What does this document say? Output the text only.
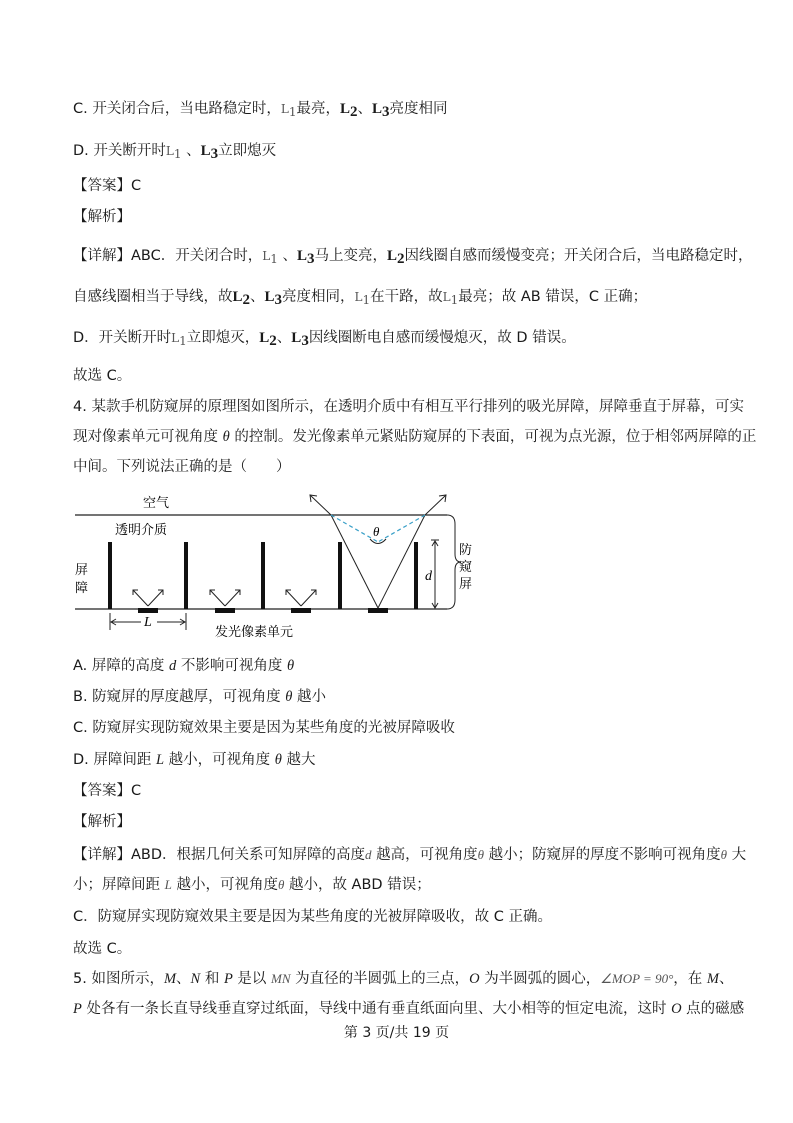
C. 开关闭合后，当电路稳定时，$L_1$最亮，$L_2$、$L_3$亮度相同
D. 开关断开时$L_1$ 、$L_3$立即熄灭
【答案】C
【解析】
【详解】ABC．开关闭合时，$L_1$ 、$L_3$马上变亮，$L_2$因线圈自感而缓慢变亮；开关闭合后，当电路稳定时，
自感线圈相当于导线，故$L_2$、$L_3$亮度相同，$L_1$在干路，故$L_1$最亮；故 AB 错误，C 正确；
D．开关断开时$L_1$立即熄灭，$L_2$、$L_3$因线圈断电自感而缓慢熄灭，故 D 错误。
故选 C。
4. 某款手机防窥屏的原理图如图所示，在透明介质中有相互平行排列的吸光屏障，屏障垂直于屏幕，可实
现对像素单元可视角度 θ 的控制。发光像素单元紧贴防窥屏的下表面，可视为点光源，位于相邻两屏障的正
中间。下列说法正确的是（　　）
θ
d
防
窥
屏
空气
透明介质
屏
障
L
发光像素单元
A. 屏障的高度 d 不影响可视角度 θ
B. 防窥屏的厚度越厚，可视角度 θ 越小
C. 防窥屏实现防窥效果主要是因为某些角度的光被屏障吸收
D. 屏障间距 L 越小，可视角度 θ 越大
【答案】C
【解析】
【详解】ABD．根据几何关系可知屏障的高度d 越高，可视角度θ 越小；防窥屏的厚度不影响可视角度θ 大
小；屏障间距 L 越小，可视角度θ 越小，故 ABD 错误；
C．防窥屏实现防窥效果主要是因为某些角度的光被屏障吸收，故 C 正确。
故选 C。
5. 如图所示，M、N 和 P 是以 MN 为直径的半圆弧上的三点，O 为半圆弧的圆心，∠MOP = 90°，在 M、
P 处各有一条长直导线垂直穿过纸面，导线中通有垂直纸面向里、大小相等的恒定电流，这时 O 点的磁感
第 3 页/共 19 页
